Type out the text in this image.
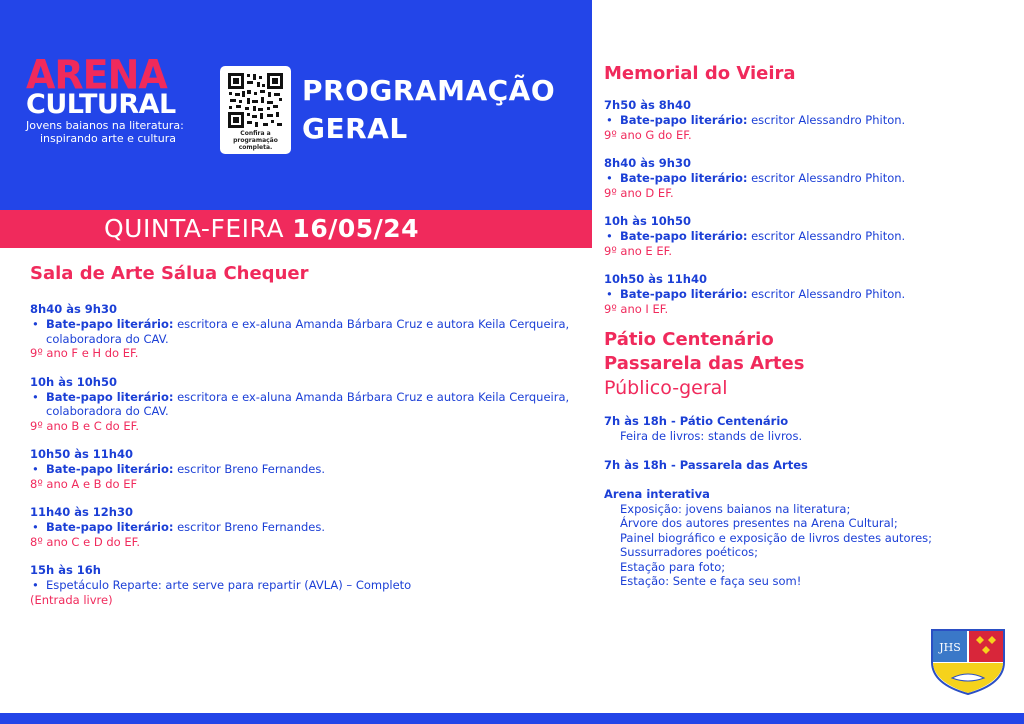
ARENA
CULTURAL
Jovens baianos na literatura:
inspirando arte e cultura	Confira a programação completa.
PROGRAMAÇÃO
GERAL
QUINTA-FEIRA 16/05/24
Sala de Arte Sálua Chequer
8h40 às 9h30
• Bate-papo literário: escritora e ex-aluna Amanda Bárbara Cruz e autora Keila Cerqueira, colaboradora do CAV.
9º ano F e H do EF.
10h às 10h50
• Bate-papo literário: escritora e ex-aluna Amanda Bárbara Cruz e autora Keila Cerqueira, colaboradora do CAV.
9º ano B e C do EF.
10h50 às 11h40
• Bate-papo literário: escritor Breno Fernandes.
8º ano A e B do EF
11h40 às 12h30
• Bate-papo literário: escritor Breno Fernandes.
8º ano C e D do EF.
15h às 16h
• Espetáculo Reparte: arte serve para repartir (AVLA) – Completo
(Entrada livre)
Memorial do Vieira
7h50 às 8h40
• Bate-papo literário: escritor Alessandro Phiton.
9º ano G do EF.
8h40 às 9h30
• Bate-papo literário: escritor Alessandro Phiton.
9º ano D EF.
10h às 10h50
• Bate-papo literário: escritor Alessandro Phiton.
9º ano E EF.
10h50 às 11h40
• Bate-papo literário: escritor Alessandro Phiton.
9º ano I EF.
Pátio Centenário
Passarela das Artes
Público-geral
7h às 18h - Pátio Centenário
Feira de livros: stands de livros.
7h às 18h - Passarela das Artes
Arena interativa
Exposição: jovens baianos na literatura;
Árvore dos autores presentes na Arena Cultural;
Painel biográfico e exposição de livros destes autores;
Sussurradores poéticos;
Estação para foto;
Estação: Sente e faça seu som!
JHS
